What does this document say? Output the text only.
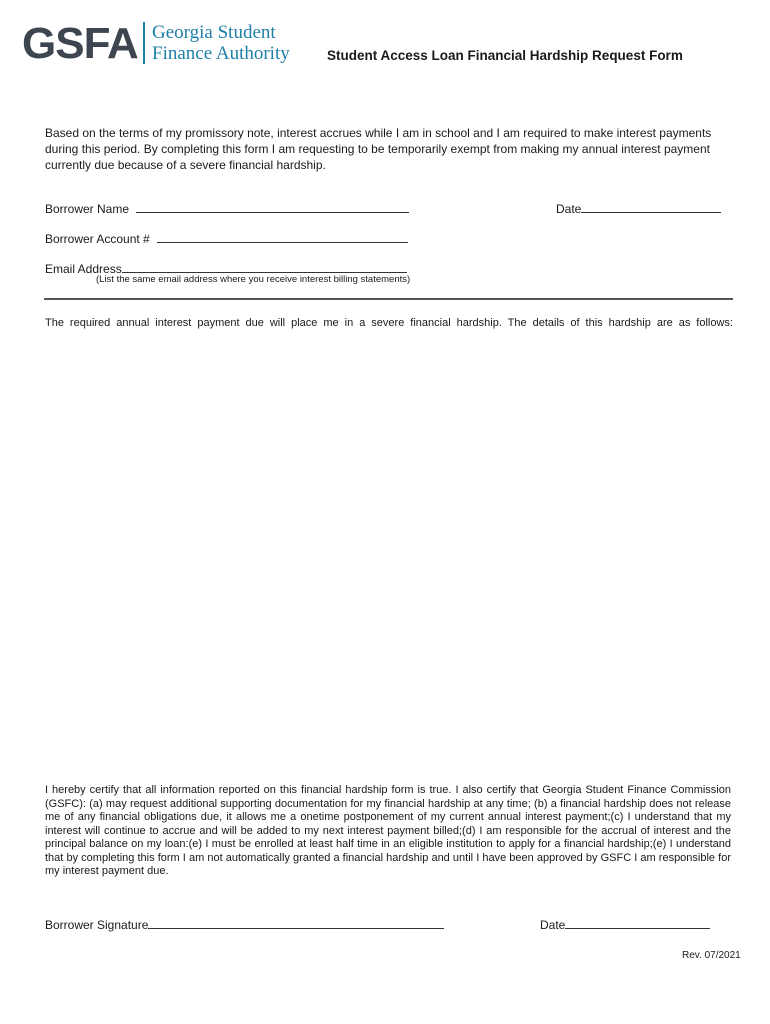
GSFA Georgia Student
Finance Authority	Student Access Loan Financial Hardship Request Form
Based on the terms of my promissory note, interest accrues while I am in school and I am required to make interest payments during this period. By completing this form I am requesting to be temporarily exempt from making my annual interest payment currently due because of a severe financial hardship.
Borrower Name	Date
Borrower Account #
Email Address
(List the same email address where you receive interest billing statements)
The required annual interest payment due will place me in a severe financial hardship. The details of this hardship are as follows:
I hereby certify that all information reported on this financial hardship form is true. I also certify that Georgia Student Finance Commission (GSFC): (a) may request additional supporting documentation for my financial hardship at any time; (b) a financial hardship does not release me of any financial obligations due, it allows me a onetime postponement of my current annual interest payment;(c) I understand that my interest will continue to accrue and will be added to my next interest payment billed;(d) I am responsible for the accrual of interest and the principal balance on my loan:(e) I must be enrolled at least half time in an eligible institution to apply for a financial hardship;(e) I understand that by completing this form I am not automatically granted a financial hardship and until I have been approved by GSFC I am responsible for my interest payment due.
Borrower Signature	Date
Rev. 07/2021
